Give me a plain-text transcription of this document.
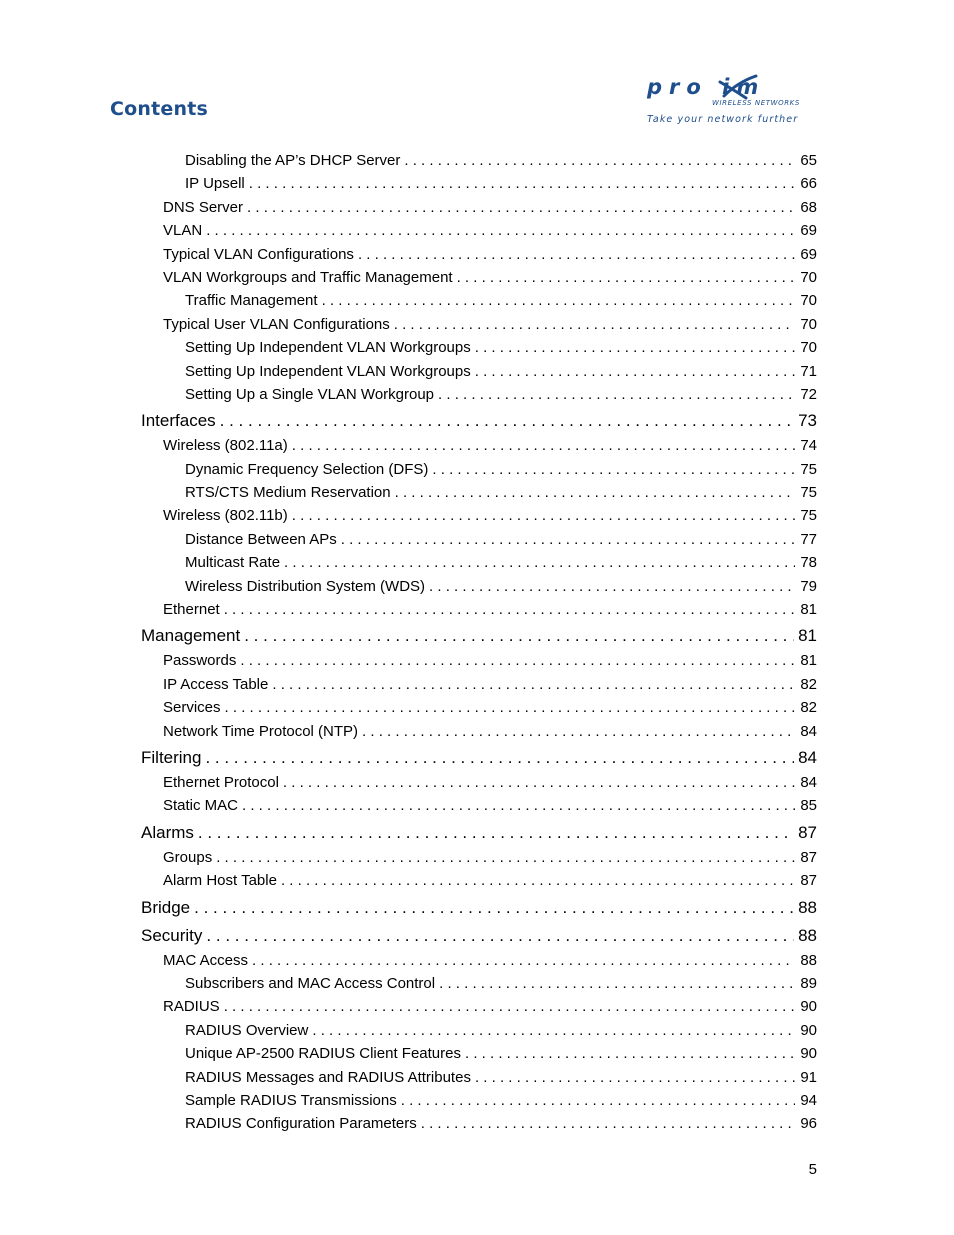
Contents
pro im
WIRELESS NETWORKS
Take your network further
Disabling the AP’s DHCP Server . . .	65
IP Upsell . . .	66
DNS Server . . .	68
VLAN . . .	69
Typical VLAN Configurations . . .	69
VLAN Workgroups and Traffic Management . . .	70
Traffic Management . . .	70
Typical User VLAN Configurations . . .	70
Setting Up Independent VLAN Workgroups . . .	70
Setting Up Independent VLAN Workgroups . . .	71
Setting Up a Single VLAN Workgroup . . .	72
Interfaces . . .	73
Wireless (802.11a) . . .	74
Dynamic Frequency Selection (DFS) . . .	75
RTS/CTS Medium Reservation . . .	75
Wireless (802.11b) . . .	75
Distance Between APs . . .	77
Multicast Rate . . .	78
Wireless Distribution System (WDS) . . .	79
Ethernet . . .	81
Management . . .	81
Passwords . . .	81
IP Access Table . . .	82
Services . . .	82
Network Time Protocol (NTP) . . .	84
Filtering . . .	84
Ethernet Protocol . . .	84
Static MAC . . .	85
Alarms . . .	87
Groups . . .	87
Alarm Host Table . . .	87
Bridge . . .	88
Security . . .	88
MAC Access . . .	88
Subscribers and MAC Access Control . . .	89
RADIUS . . .	90
RADIUS Overview . . .	90
Unique AP-2500 RADIUS Client Features . . .	90
RADIUS Messages and RADIUS Attributes . . .	91
Sample RADIUS Transmissions . . .	94
RADIUS Configuration Parameters . . .	96
5
